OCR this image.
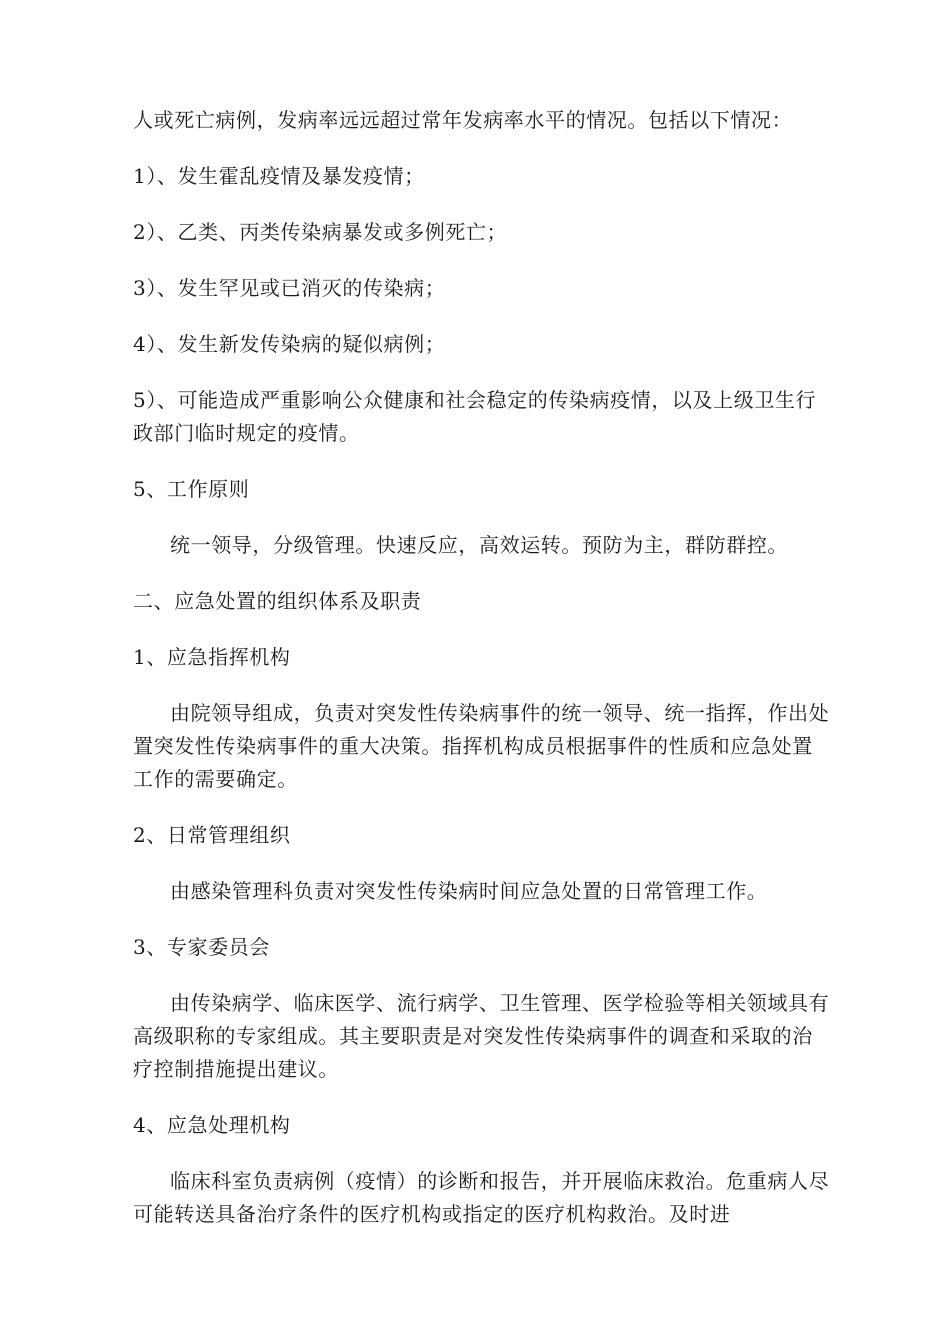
人或死亡病例，发病率远远超过常年发病率水平的情况。包括以下情况：

1）、发生霍乱疫情及暴发疫情；

2）、乙类、丙类传染病暴发或多例死亡；

3）、发生罕见或已消灭的传染病；

4）、发生新发传染病的疑似病例；

5）、可能造成严重影响公众健康和社会稳定的传染病疫情，以及上级卫生行政部门临时规定的疫情。

5、工作原则

统一领导，分级管理。快速反应，高效运转。预防为主，群防群控。

二、应急处置的组织体系及职责

1、应急指挥机构

由院领导组成，负责对突发性传染病事件的统一领导、统一指挥，作出处置突发性传染病事件的重大决策。指挥机构成员根据事件的性质和应急处置工作的需要确定。

2、日常管理组织

由感染管理科负责对突发性传染病时间应急处置的日常管理工作。

3、专家委员会

由传染病学、临床医学、流行病学、卫生管理、医学检验等相关领域具有高级职称的专家组成。其主要职责是对突发性传染病事件的调查和采取的治疗控制措施提出建议。

4、应急处理机构

临床科室负责病例（疫情）的诊断和报告，并开展临床救治。危重病人尽可能转送具备治疗条件的医疗机构或指定的医疗机构救治。及时进
